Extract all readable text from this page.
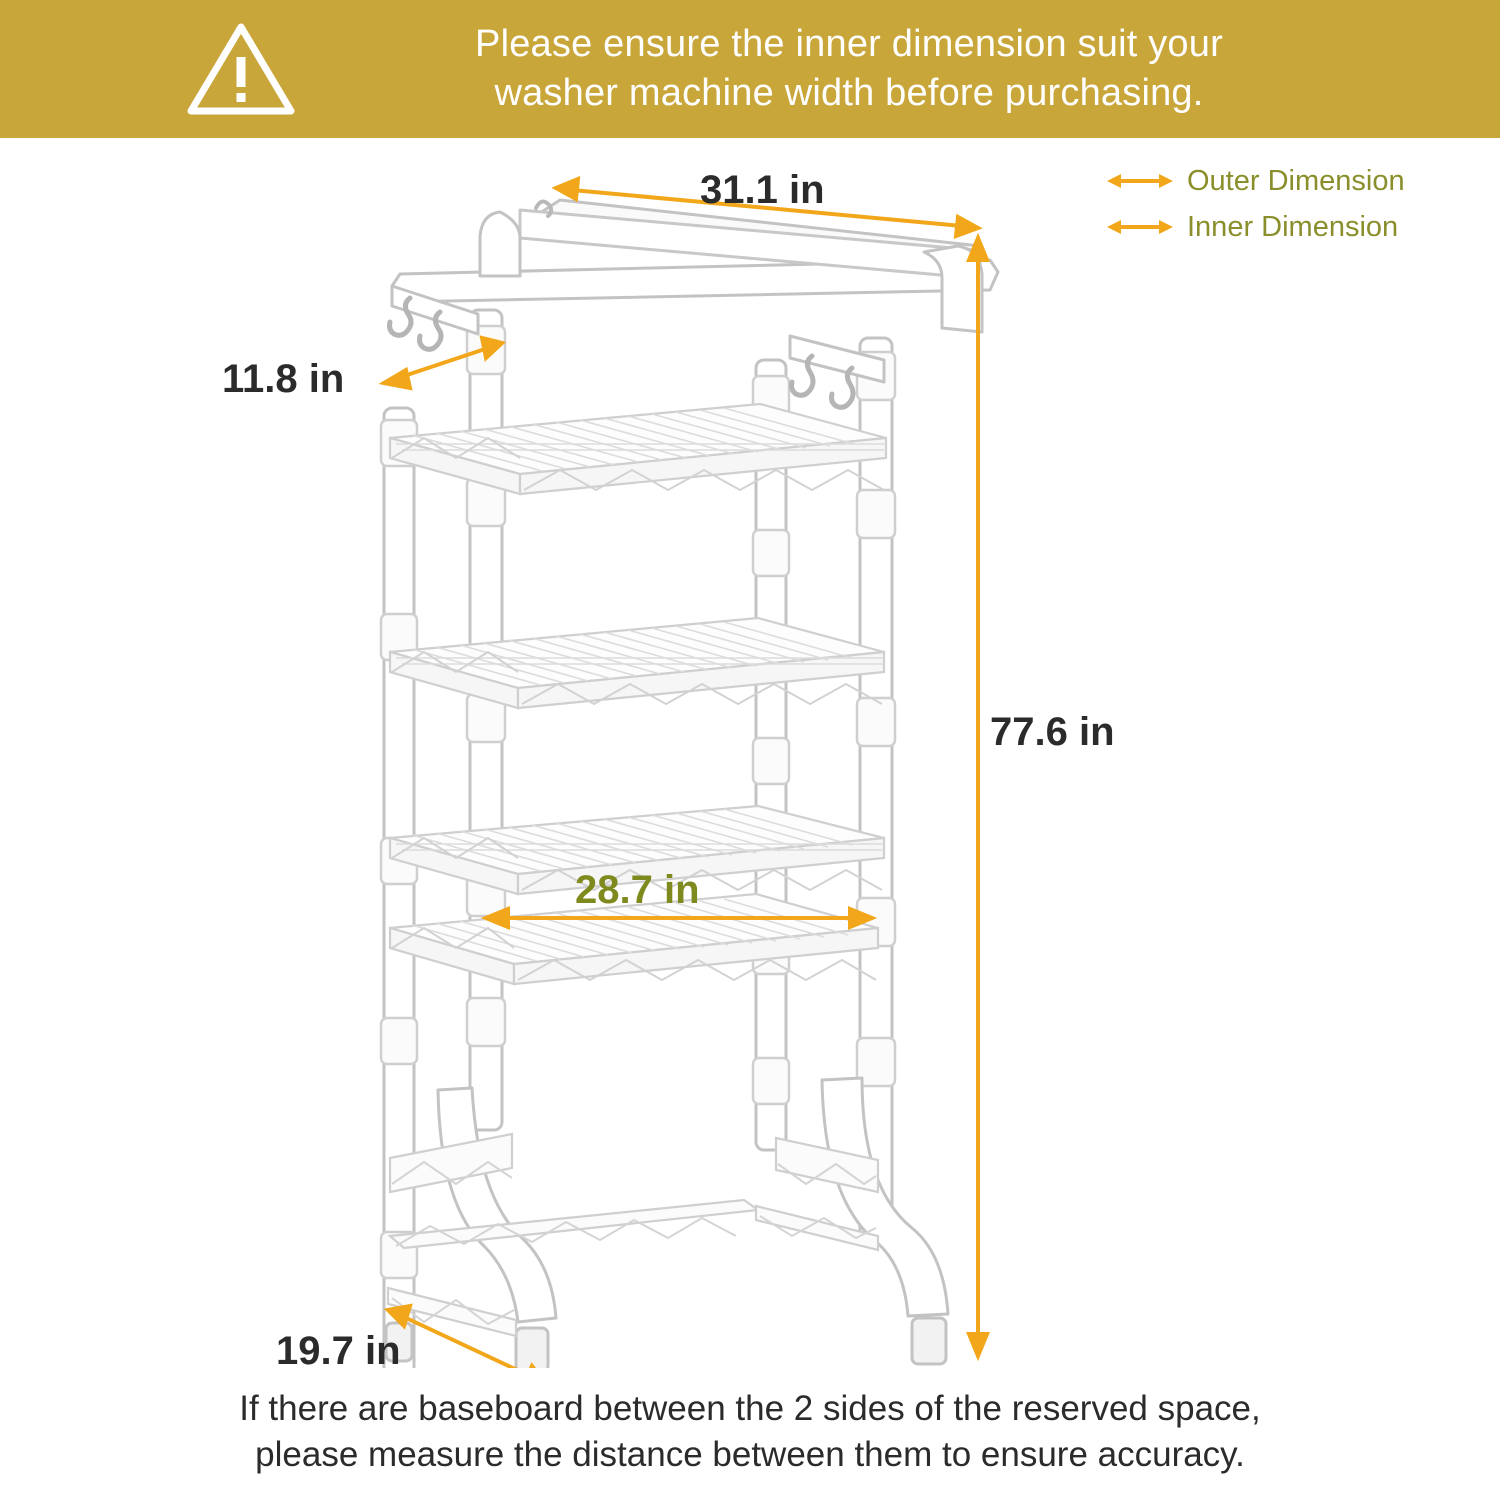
Please ensure the inner dimension suit your
washer machine width before purchasing.
Outer Dimension
Inner Dimension
31.1 in
11.8 in
77.6 in
28.7 in
19.7 in
If there are baseboard between the 2 sides of the reserved space,
please measure the distance between them to ensure accuracy.
